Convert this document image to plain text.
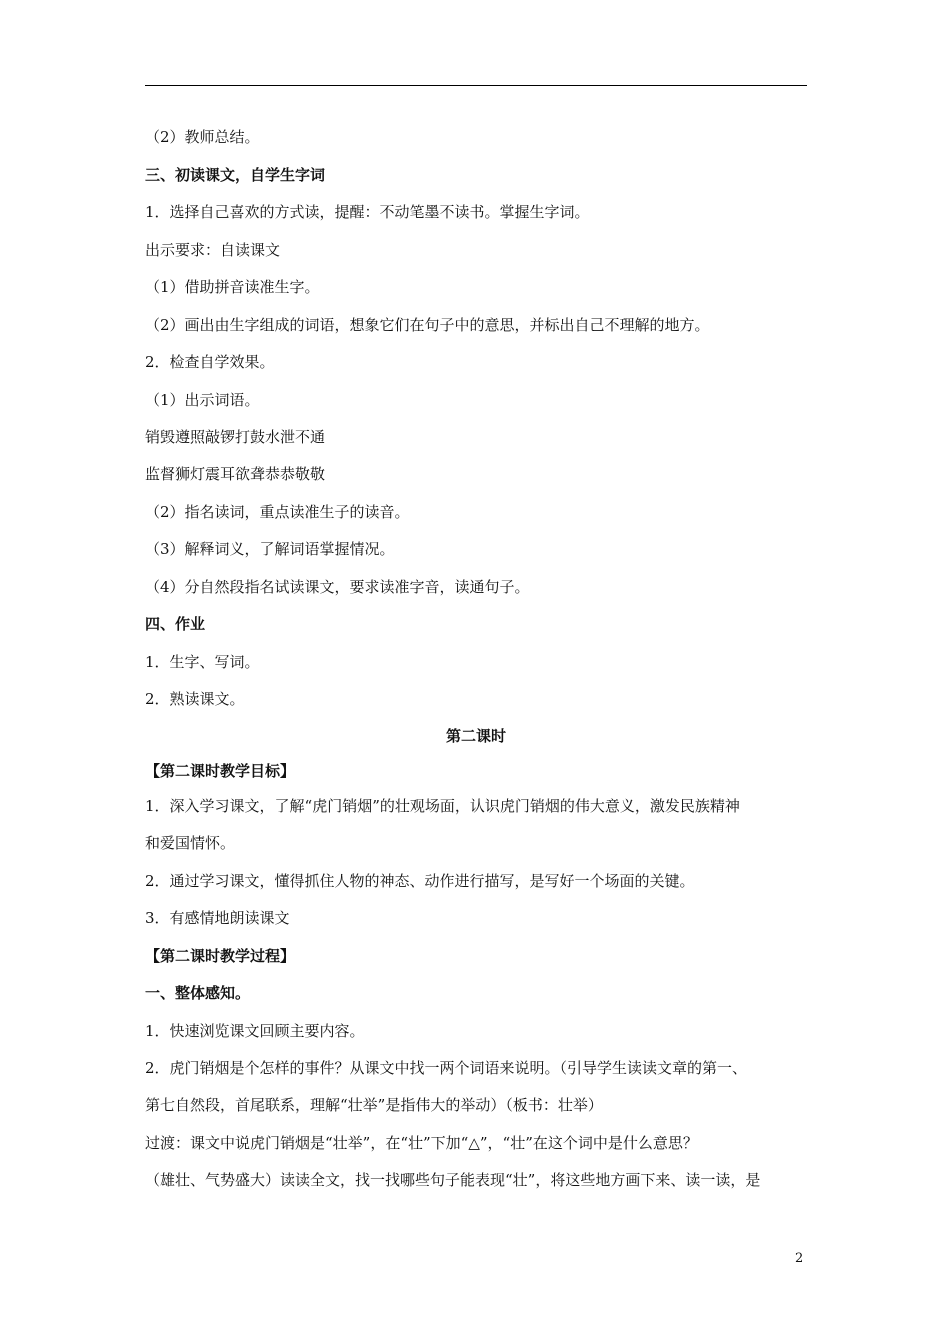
（2）教师总结。
三、初读课文，自学生字词
1．选择自己喜欢的方式读，提醒：不动笔墨不读书。掌握生字词。
出示要求：自读课文
（1）借助拼音读准生字。
（2）画出由生字组成的词语，想象它们在句子中的意思，并标出自己不理解的地方。
2．检查自学效果。
（1）出示词语。
销毁遵照敲锣打鼓水泄不通
监督狮灯震耳欲聋恭恭敬敬
（2）指名读词，重点读准生子的读音。
（3）解释词义，了解词语掌握情况。
（4）分自然段指名试读课文，要求读准字音，读通句子。
四、作业
1．生字、写词。
2．熟读课文。
第二课时
【第二课时教学目标】
1．深入学习课文，了解“虎门销烟”的壮观场面，认识虎门销烟的伟大意义，激发民族精神
和爱国情怀。
2．通过学习课文，懂得抓住人物的神态、动作进行描写，是写好一个场面的关键。
3．有感情地朗读课文
【第二课时教学过程】
一、整体感知。
1．快速浏览课文回顾主要内容。
2．虎门销烟是个怎样的事件？从课文中找一两个词语来说明。（引导学生读读文章的第一、
第七自然段，首尾联系，理解“壮举”是指伟大的举动）（板书：壮举）
过渡：课文中说虎门销烟是“壮举”，在“壮”下加“△”，“壮”在这个词中是什么意思？
（雄壮、气势盛大）读读全文，找一找哪些句子能表现“壮”，将这些地方画下来、读一读，是
2
